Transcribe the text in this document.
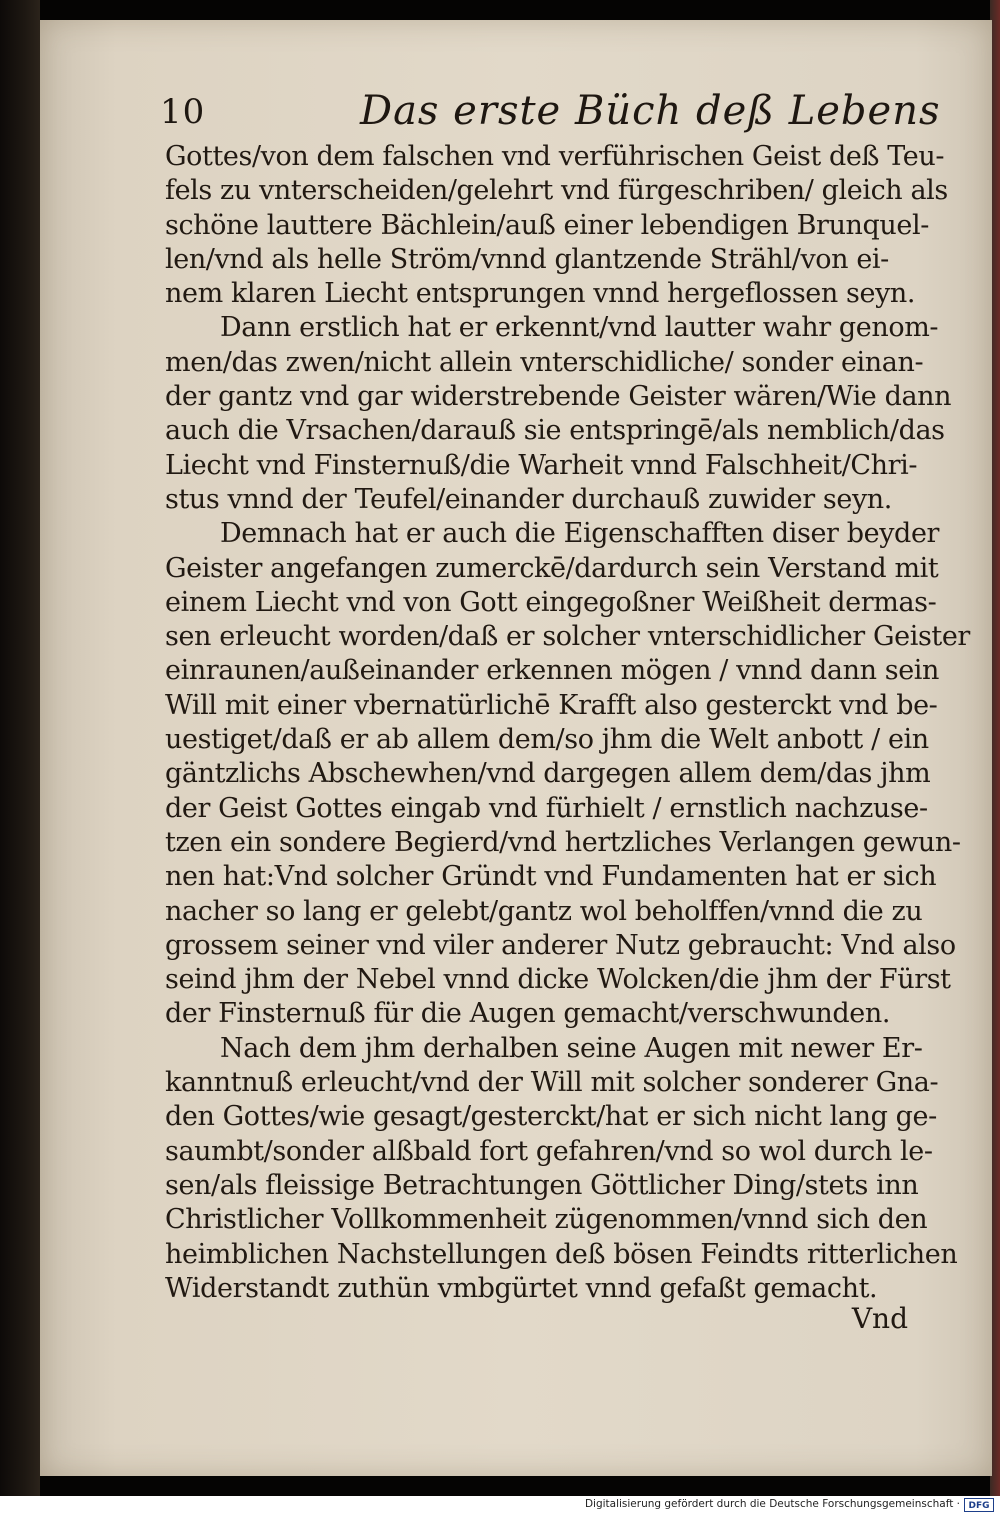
10	Das erste Büch deß Lebens
Gottes/von dem falschen vnd verführischen Geist deß Teu-
fels zu vnterscheiden/gelehrt vnd fürgeschriben/ gleich als
schöne lauttere Bächlein/auß einer lebendigen Brunquel-
len/vnd als helle Ström/vnnd glantzende Strähl/von ei-
nem klaren Liecht entsprungen vnnd hergeflossen seyn.
Dann erstlich hat er erkennt/vnd lautter wahr genom-
men/das zwen/nicht allein vnterschidliche/ sonder einan-
der gantz vnd gar widerstrebende Geister wären/Wie dann
auch die Vrsachen/darauß sie entspringē/als nemblich/das
Liecht vnd Finsternuß/die Warheit vnnd Falschheit/Chri-
stus vnnd der Teufel/einander durchauß zuwider seyn.
Demnach hat er auch die Eigenschafften diser beyder
Geister angefangen zumerckē/dardurch sein Verstand mit
einem Liecht vnd von Gott eingegoßner Weißheit dermas-
sen erleucht worden/daß er solcher vnterschidlicher Geister
einraunen/außeinander erkennen mögen / vnnd dann sein
Will mit einer vbernatürlichē Krafft also gesterckt vnd be-
uestiget/daß er ab allem dem/so jhm die Welt anbott / ein
gäntzlichs Abschewhen/vnd dargegen allem dem/das jhm
der Geist Gottes eingab vnd fürhielt / ernstlich nachzuse-
tzen ein sondere Begierd/vnd hertzliches Verlangen gewun-
nen hat:Vnd solcher Gründt vnd Fundamenten hat er sich
nacher so lang er gelebt/gantz wol beholffen/vnnd die zu
grossem seiner vnd viler anderer Nutz gebraucht: Vnd also
seind jhm der Nebel vnnd dicke Wolcken/die jhm der Fürst
der Finsternuß für die Augen gemacht/verschwunden.
Nach dem jhm derhalben seine Augen mit newer Er-
kanntnuß erleucht/vnd der Will mit solcher sonderer Gna-
den Gottes/wie gesagt/gesterckt/hat er sich nicht lang ge-
saumbt/sonder alßbald fort gefahren/vnd so wol durch le-
sen/als fleissige Betrachtungen Göttlicher Ding/stets inn
Christlicher Vollkommenheit zügenommen/vnnd sich den
heimblichen Nachstellungen deß bösen Feindts ritterlichen
Widerstandt zuthün vmbgürtet vnnd gefaßt gemacht.
Vnd
Digitalisierung gefördert durch die Deutsche Forschungsgemeinschaft · DFG
